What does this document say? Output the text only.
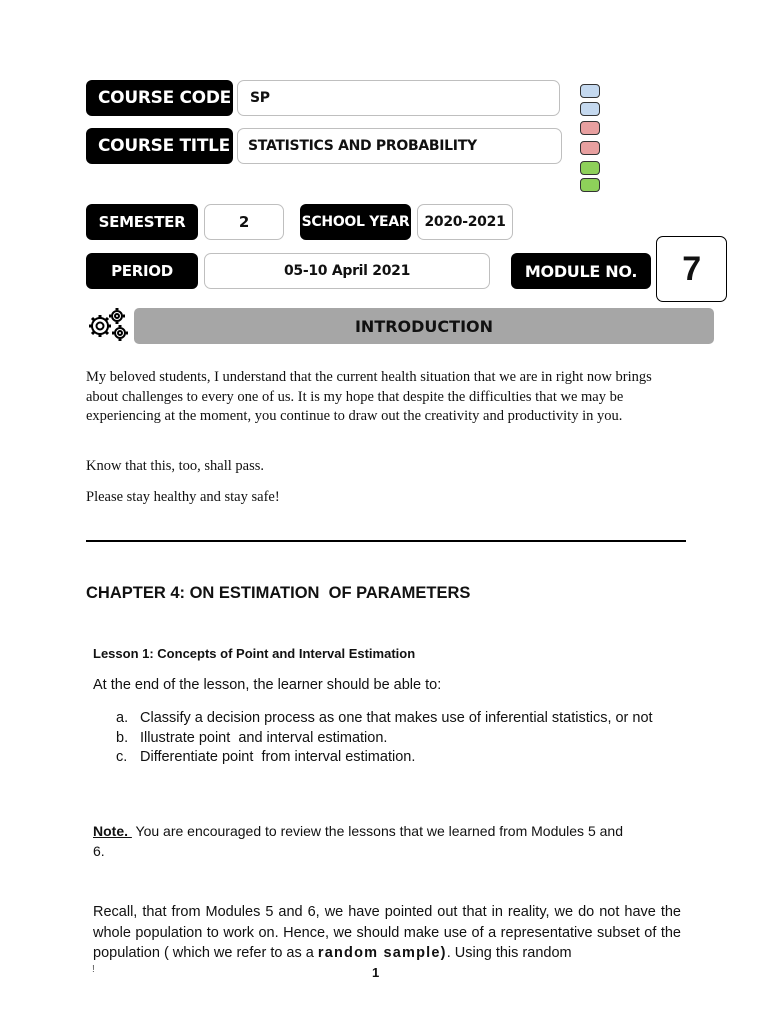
COURSE CODE	SP
COURSE TITLE	STATISTICS AND PROBABILITY
SEMESTER	2	SCHOOL YEAR	2020-2021
PERIOD	05-10 April 2021	MODULE NO.	7
INTRODUCTION

My beloved students, I understand that the current health situation that we are in right now brings about challenges to every one of us. It is my hope that despite the difficulties that we may be experiencing at the moment, you continue to draw out the creativity and productivity in you.

Know that this, too, shall pass.

Please stay healthy and stay safe!

CHAPTER 4: ON ESTIMATION  OF PARAMETERS
Lesson 1: Concepts of Point and Interval Estimation
At the end of the lesson, the learner should be able to:
a. Classify a decision process as one that makes use of inferential statistics, or not
b. Illustrate point  and interval estimation.
c. Differentiate point  from interval estimation.
Note.  You are encouraged to review the lessons that we learned from Modules 5 and 6.
Recall, that from Modules 5 and 6, we have pointed out that in reality, we do not have the whole population to work on. Hence, we should make use of a representative subset of the population ( which we refer to as a random sample). Using this random
!	1
